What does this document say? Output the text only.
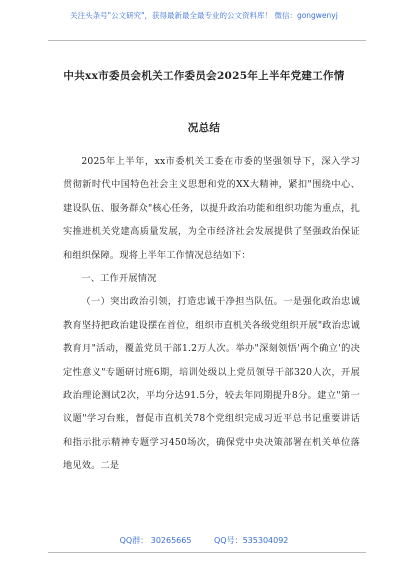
关注头条号"公文研究"，获得最新最全最专业的公文资料库！ 微信：gongwenyj
中共xx市委员会机关工作委员会2025年上半年党建工作情
况总结

2025年上半年，xx市委机关工委在市委的坚强领导下，深入学习贯彻新时代中国特色社会主义思想和党的XX大精神，紧扣"围绕中心、建设队伍、服务群众"核心任务，以提升政治功能和组织功能为重点，扎实推进机关党建高质量发展，为全市经济社会发展提供了坚强政治保证和组织保障。现将上半年工作情况总结如下：

一、工作开展情况

（一）突出政治引领，打造忠诚干净担当队伍。一是强化政治忠诚教育坚持把政治建设摆在首位，组织市直机关各级党组织开展"政治忠诚教育月"活动，覆盖党员干部1.2万人次。举办"深刻领悟'两个确立'的决定性意义"专题研讨班6期，培训处级以上党员领导干部320人次，开展政治理论测试2次，平均分达91.5分，较去年同期提升8分。建立"第一议题"学习台账，督促市直机关78个党组织完成习近平总书记重要讲话和指示批示精神专题学习450场次，确保党中央决策部署在机关单位落地见效。二是

QQ群： 30265665	QQ号：535304092
